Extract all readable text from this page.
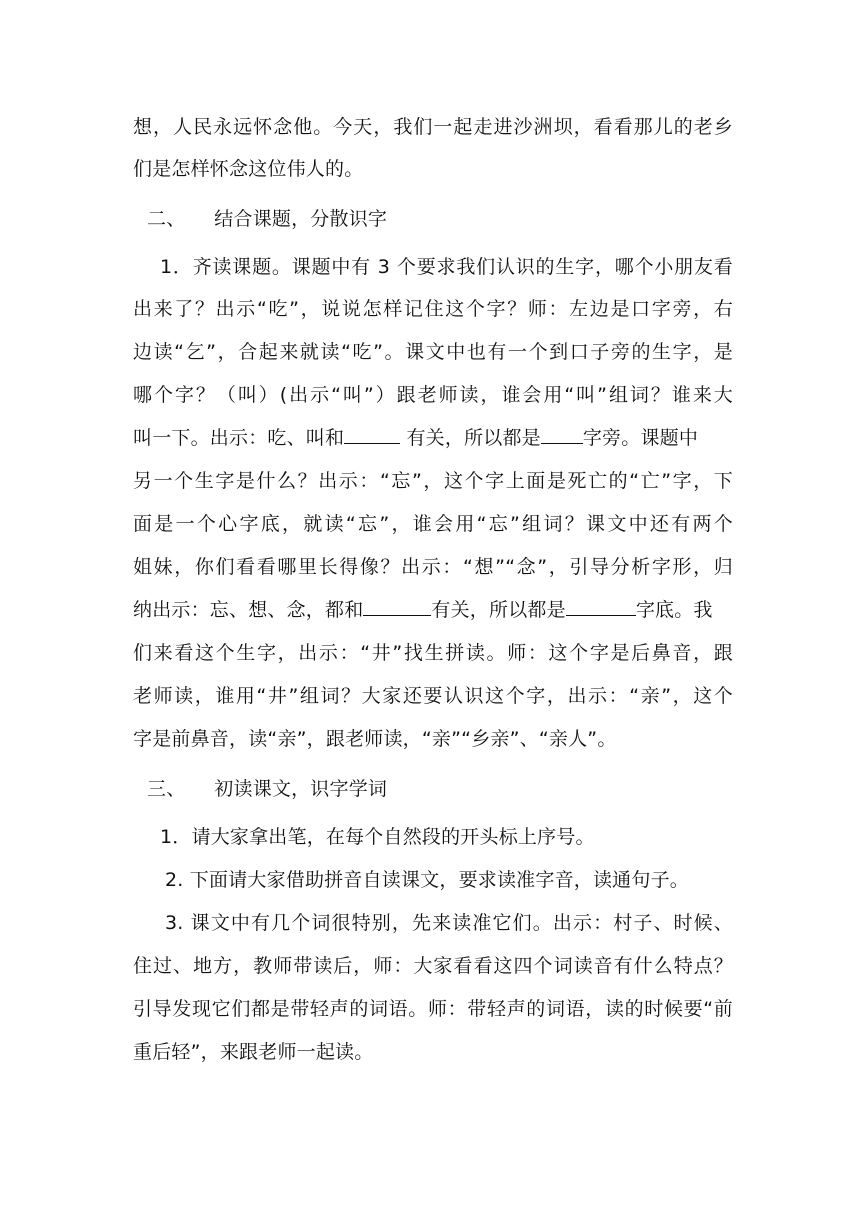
想，人民永远怀念他。今天，我们一起走进沙洲坝，看看那儿的老乡
们是怎样怀念这位伟人的。
二、　　结合课题，分散识字
1．齐读课题。课题中有 3 个要求我们认识的生字，哪个小朋友看
出来了？出示“吃”，说说怎样记住这个字？师：左边是口字旁，右
边读“乞”，合起来就读“吃”。课文中也有一个到口子旁的生字，是
哪个字？（叫）(出示“叫”）跟老师读，谁会用“叫”组词？谁来大
叫一下。出示：吃、叫和	有关，所以都是 字旁。课题中
另一个生字是什么？出示：“忘”，这个字上面是死亡的“亡”字，下
面是一个心字底，就读“忘”，谁会用“忘”组词？课文中还有两个
姐妹，你们看看哪里长得像？出示：“想”“念”，引导分析字形，归
纳出示：忘、想、念，都和	有关，所以都是	字底。我
们来看这个生字，出示：“井”找生拼读。师：这个字是后鼻音，跟
老师读，谁用“井”组词？大家还要认识这个字，出示：“亲”，这个
字是前鼻音，读“亲”，跟老师读，“亲”“乡亲”、“亲人”。
三、　　初读课文，识字学词
1．请大家拿出笔，在每个自然段的开头标上序号。
2. 下面请大家借助拼音自读课文，要求读准字音，读通句子。
3. 课文中有几个词很特别，先来读准它们。出示：村子、时候、
住过、地方，教师带读后，师：大家看看这四个词读音有什么特点？
引导发现它们都是带轻声的词语。师：带轻声的词语，读的时候要“前
重后轻”，来跟老师一起读。
